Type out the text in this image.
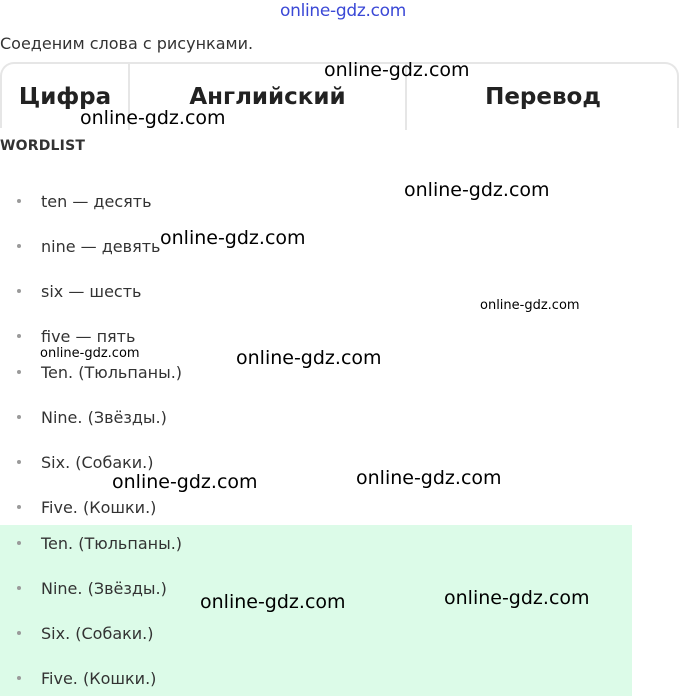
online-gdz.com
Соеденим слова с рисунками.
Цифра	Английский	Перевод
WORDLIST
ten — десять
nine — девять
six — шесть
five — пять
Ten. (Тюльпаны.)
Nine. (Звёзды.)
Six. (Собаки.)
Five. (Кошки.)
Ten. (Тюльпаны.)
Nine. (Звёзды.)
Six. (Собаки.)
Five. (Кошки.)
online-gdz.com
online-gdz.com
online-gdz.com
online-gdz.com
online-gdz.com
online-gdz.com	online-gdz.com
online-gdz.com	online-gdz.com
online-gdz.com	online-gdz.com
